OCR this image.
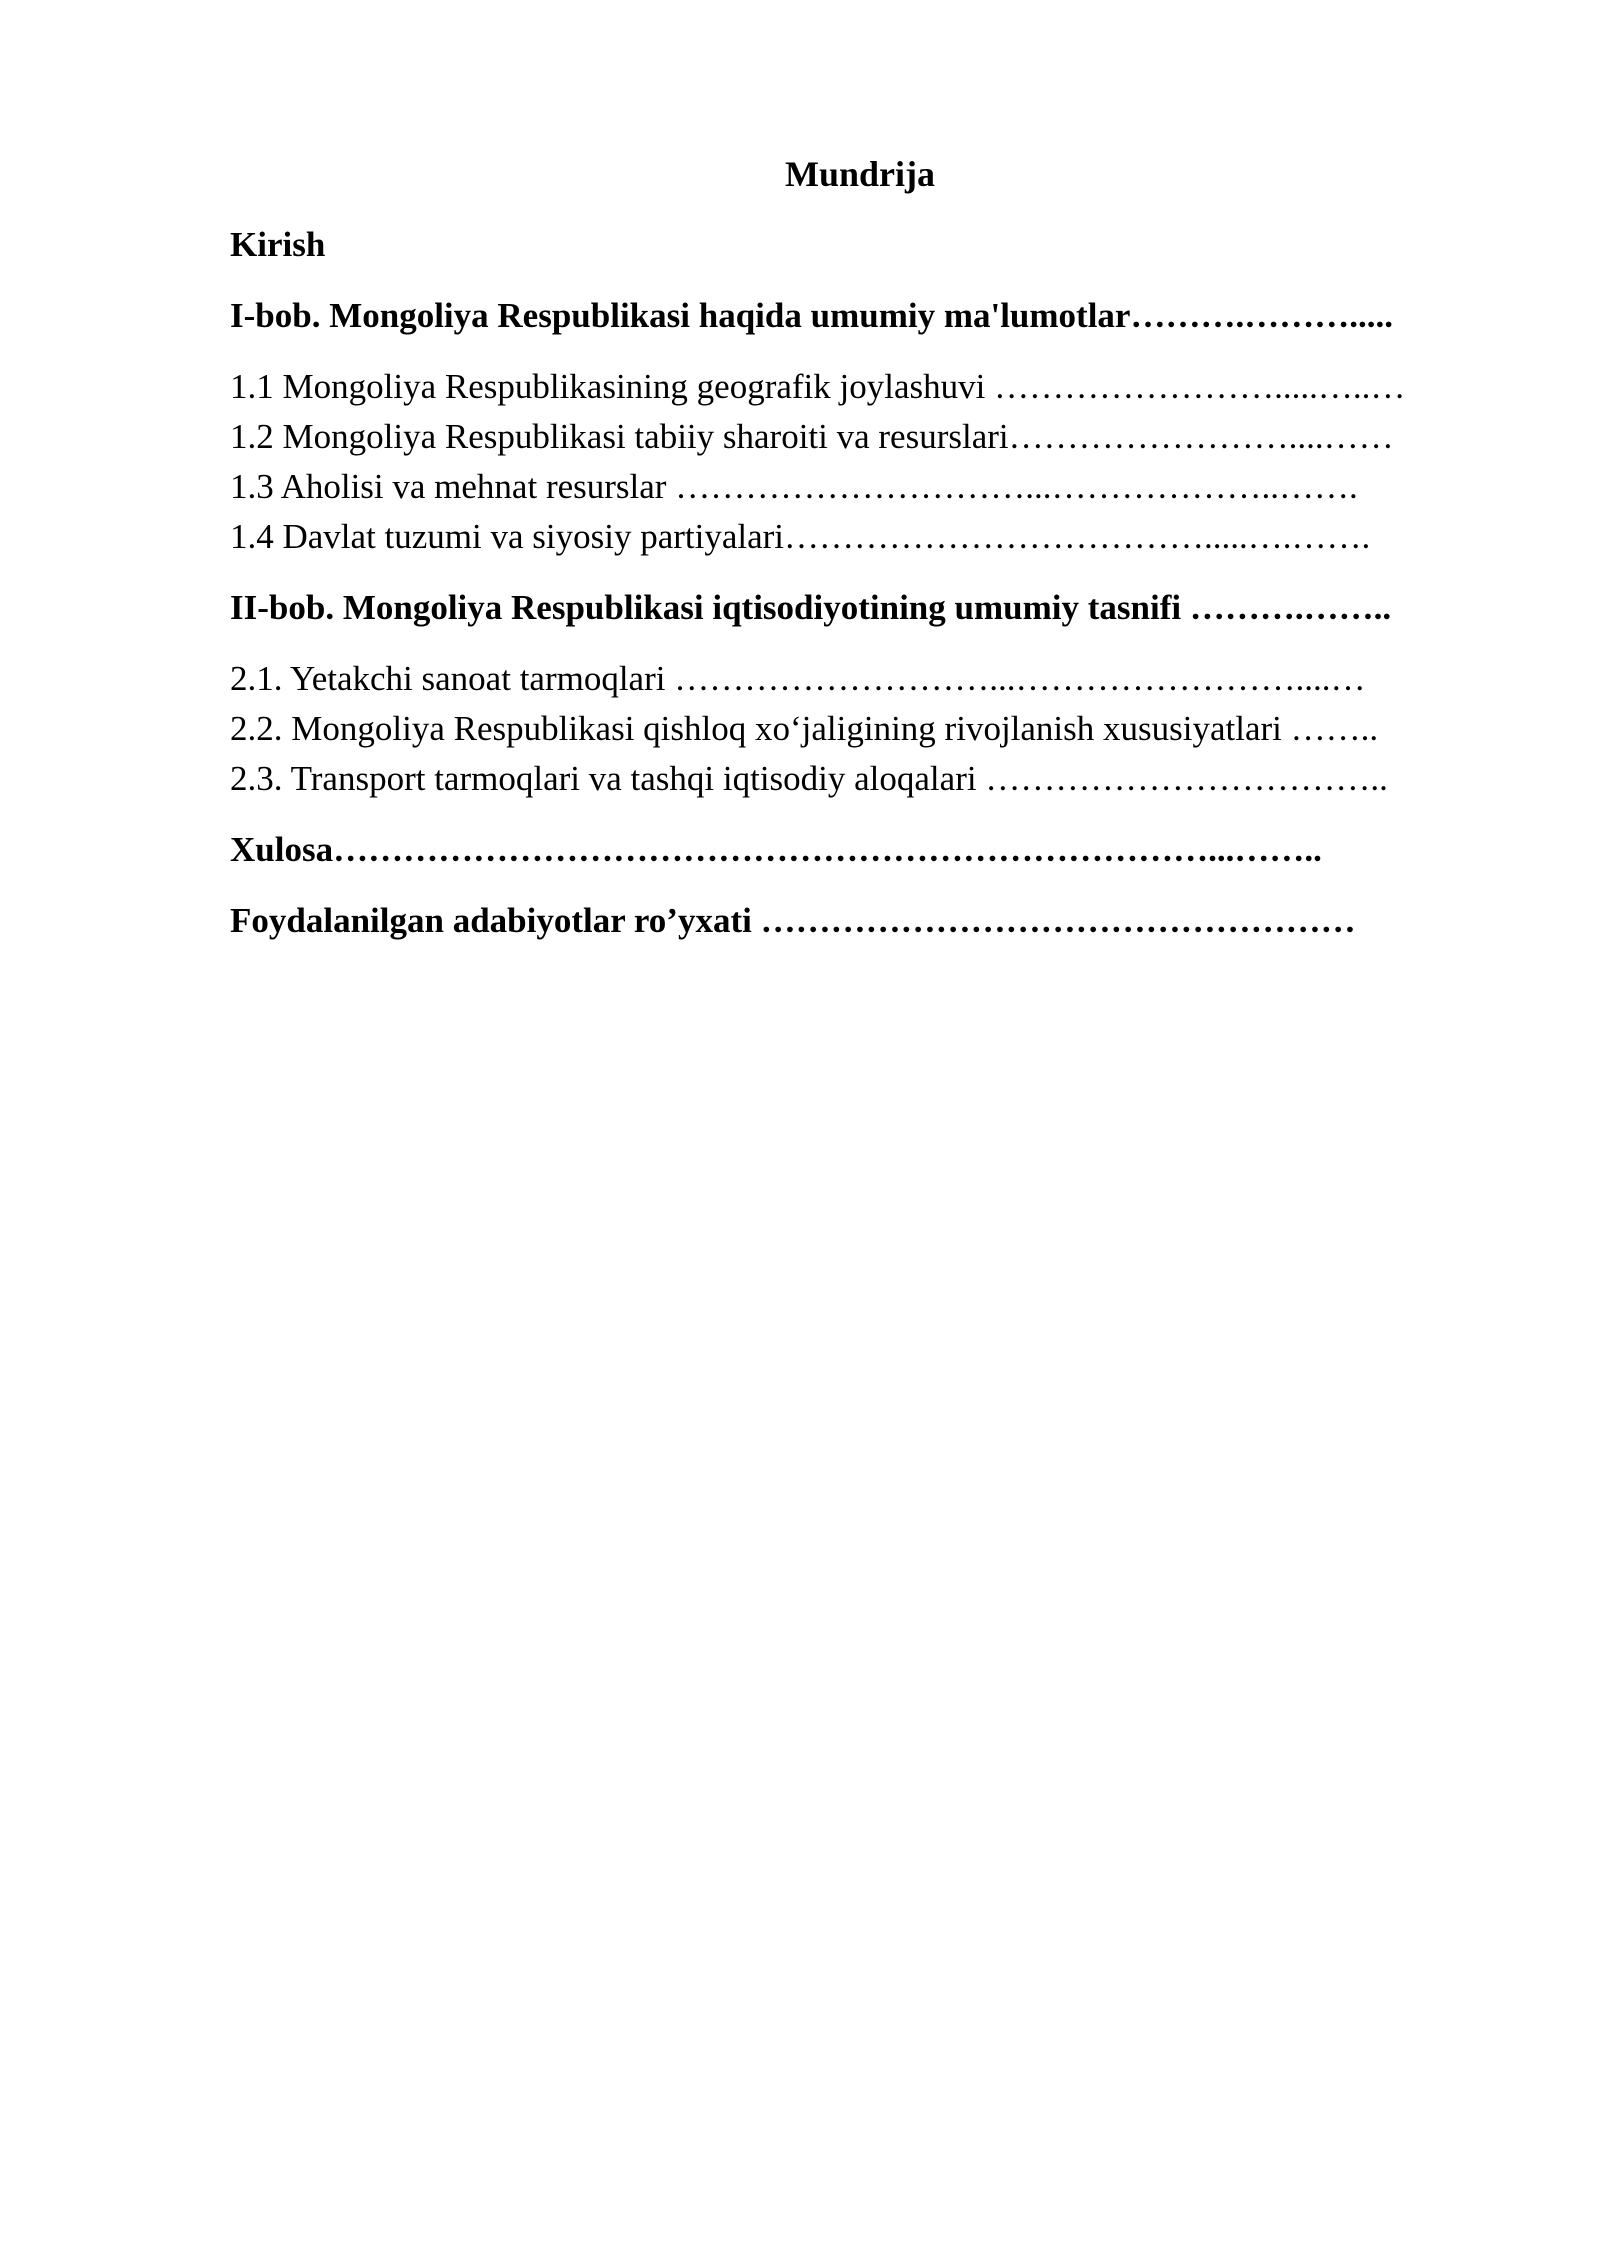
Mundrija

Kirish

I-bob. Mongoliya Respublikasi haqida umumiy ma'lumotlar……….……….....

1.1 Mongoliya Respublikasining geografik joylashuvi …………………….....…..…

1.2 Mongoliya Respublikasi tabiiy sharoiti va resurslari……………………....……

1.3 Aholisi va mehnat resurslar …………………………...………………..…….

1.4 Davlat tuzumi va siyosiy partiyalari……………………………….....….…….

II-bob. Mongoliya Respublikasi iqtisodiyotining umumiy tasnifi ……….……..

2.1. Yetakchi sanoat tarmoqlari ………………………...……………………....…

2.2. Mongoliya Respublikasi qishloq xo‘jaligining rivojlanish xususiyatlari ……..

2.3. Transport tarmoqlari va tashqi iqtisodiy aloqalari ……………………………..

Xulosa…………………………………………………………………...……..

Foydalanilgan adabiyotlar ro’yxati ……………………………………………
